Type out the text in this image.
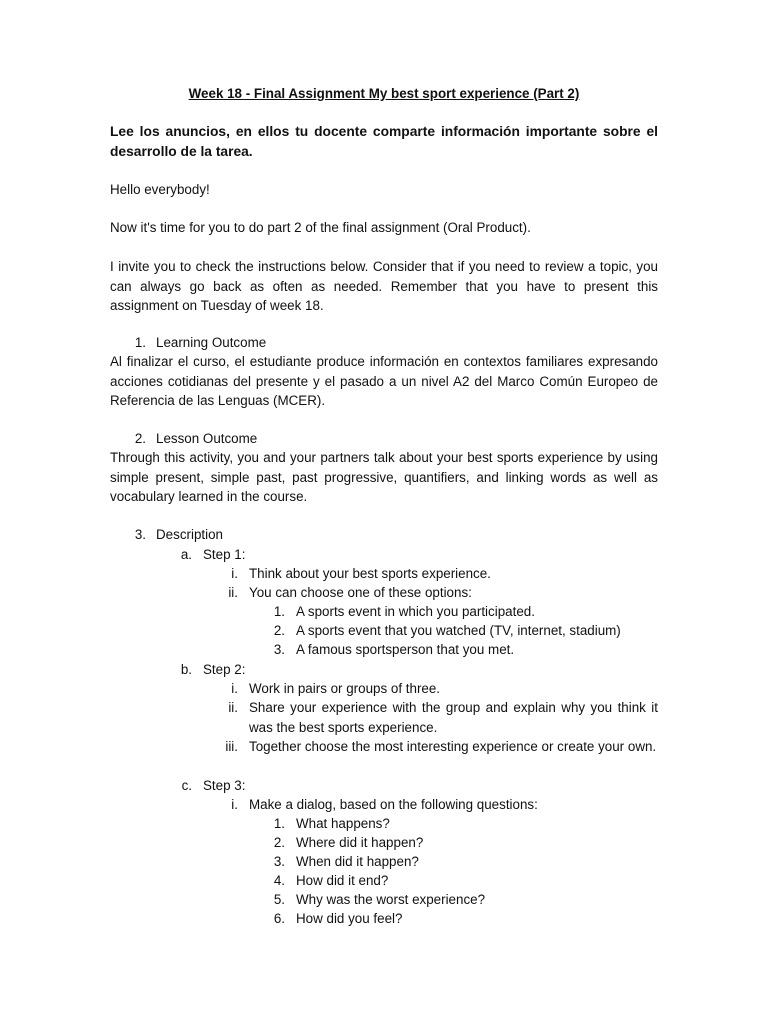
Week 18 - Final Assignment My best sport experience (Part 2)
Lee los anuncios, en ellos tu docente comparte información importante sobre el desarrollo de la tarea.
Hello everybody!
Now it's time for you to do part 2 of the final assignment (Oral Product).
I invite you to check the instructions below. Consider that if you need to review a topic, you can always go back as often as needed. Remember that you have to present this assignment on Tuesday of week 18.
1. Learning Outcome
Al finalizar el curso, el estudiante produce información en contextos familiares expresando acciones cotidianas del presente y el pasado a un nivel A2 del Marco Común Europeo de Referencia de las Lenguas (MCER).
2. Lesson Outcome
Through this activity, you and your partners talk about your best sports experience by using simple present, simple past, past progressive, quantifiers, and linking words as well as vocabulary learned in the course.
3. Description
a. Step 1:
i. Think about your best sports experience.
ii. You can choose one of these options:
1. A sports event in which you participated.
2. A sports event that you watched (TV, internet, stadium)
3. A famous sportsperson that you met.
b. Step 2:
i. Work in pairs or groups of three.
ii. Share your experience with the group and explain why you think it was the best sports experience.
iii. Together choose the most interesting experience or create your own.
c. Step 3:
i. Make a dialog, based on the following questions:
1. What happens?
2. Where did it happen?
3. When did it happen?
4. How did it end?
5. Why was the worst experience?
6. How did you feel?
